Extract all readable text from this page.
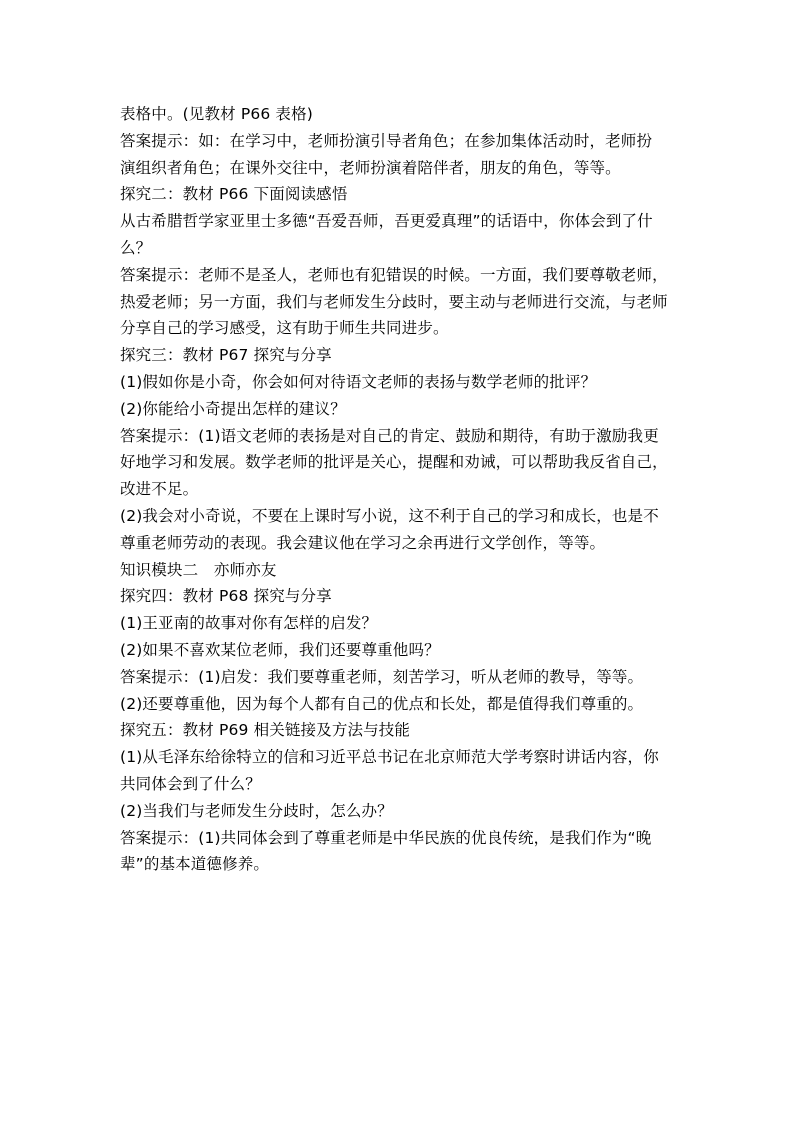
表格中。(见教材 P66 表格)
答案提示：如：在学习中，老师扮演引导者角色；在参加集体活动时，老师扮
演组织者角色；在课外交往中，老师扮演着陪伴者，朋友的角色，等等。
探究二：教材 P66 下面阅读感悟
从古希腊哲学家亚里士多德“吾爱吾师，吾更爱真理”的话语中，你体会到了什
么？
答案提示：老师不是圣人，老师也有犯错误的时候。一方面，我们要尊敬老师，
热爱老师；另一方面，我们与老师发生分歧时，要主动与老师进行交流，与老师
分享自己的学习感受，这有助于师生共同进步。
探究三：教材 P67 探究与分享
(1)假如你是小奇，你会如何对待语文老师的表扬与数学老师的批评？
(2)你能给小奇提出怎样的建议？
答案提示：(1)语文老师的表扬是对自己的肯定、鼓励和期待，有助于激励我更
好地学习和发展。数学老师的批评是关心，提醒和劝诫，可以帮助我反省自己，
改进不足。
(2)我会对小奇说，不要在上课时写小说，这不利于自己的学习和成长，也是不
尊重老师劳动的表现。我会建议他在学习之余再进行文学创作，等等。
知识模块二　亦师亦友
探究四：教材 P68 探究与分享
(1)王亚南的故事对你有怎样的启发？
(2)如果不喜欢某位老师，我们还要尊重他吗？
答案提示：(1)启发：我们要尊重老师，刻苦学习，听从老师的教导，等等。
(2)还要尊重他，因为每个人都有自己的优点和长处，都是值得我们尊重的。
探究五：教材 P69 相关链接及方法与技能
(1)从毛泽东给徐特立的信和习近平总书记在北京师范大学考察时讲话内容，你
共同体会到了什么？
(2)当我们与老师发生分歧时，怎么办？
答案提示：(1)共同体会到了尊重老师是中华民族的优良传统，是我们作为“晚
辈”的基本道德修养。
